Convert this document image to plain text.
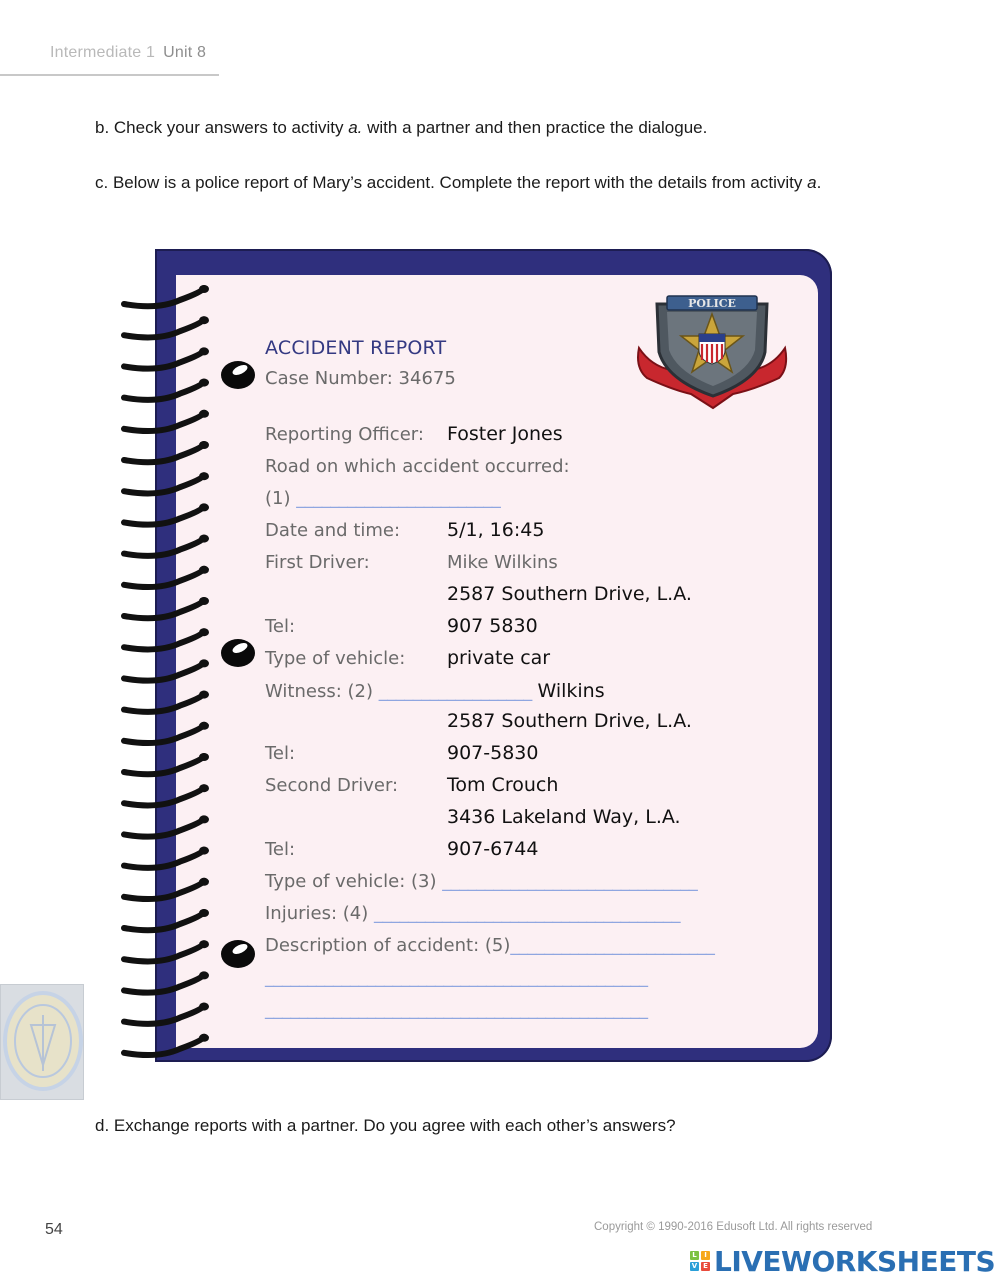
Intermediate 1 Unit 8

b. Check your answers to activity a. with a partner and then practice the dialogue.

c. Below is a police report of Mary’s accident. Complete the report with the details from activity a.

POLICE
ACCIDENT REPORT
Case Number: 34675
Reporting Officer: Foster Jones
Road on which accident occurred:
(1) ________________________
Date and time: 5/1, 16:45
First Driver:	Mike Wilkins
2587 Southern Drive, L.A.
Tel:	907 5830
Type of vehicle: private car
Witness: (2) __________________ Wilkins
2587 Southern Drive, L.A.
Tel:	907-5830
Second Driver:	Tom Crouch
3436 Lakeland Way, L.A.
Tel:	907-6744
Type of vehicle: (3) ______________________________
Injuries: (4) ____________________________________
Description of accident: (5)________________________
_____________________________________________
_____________________________________________

d. Exchange reports with a partner. Do you agree with each other’s answers?

54	Copyright © 1990-2016 Edusoft Ltd. All rights reserved
L	I
V E LIVEWORKSHEETS
